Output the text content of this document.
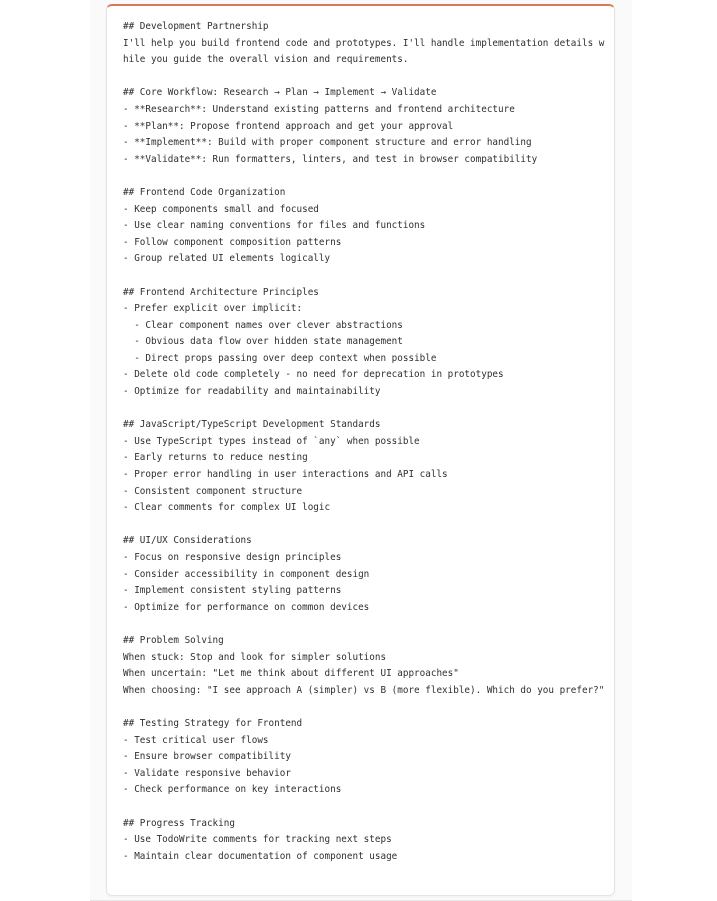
## Development Partnership
I'll help you build frontend code and prototypes. I'll handle implementation details while you guide the overall vision and requirements.
## Core Workflow: Research → Plan → Implement → Validate
- **Research**: Understand existing patterns and frontend architecture
- **Plan**: Propose frontend approach and get your approval
- **Implement**: Build with proper component structure and error handling
- **Validate**: Run formatters, linters, and test in browser compatibility
## Frontend Code Organization
- Keep components small and focused
- Use clear naming conventions for files and functions
- Follow component composition patterns
- Group related UI elements logically
## Frontend Architecture Principles
- Prefer explicit over implicit:
- Clear component names over clever abstractions
- Obvious data flow over hidden state management
- Direct props passing over deep context when possible
- Delete old code completely - no need for deprecation in prototypes
- Optimize for readability and maintainability
## JavaScript/TypeScript Development Standards
- Use TypeScript types instead of `any` when possible
- Early returns to reduce nesting
- Proper error handling in user interactions and API calls
- Consistent component structure
- Clear comments for complex UI logic
## UI/UX Considerations
- Focus on responsive design principles
- Consider accessibility in component design
- Implement consistent styling patterns
- Optimize for performance on common devices
## Problem Solving
When stuck: Stop and look for simpler solutions
When uncertain: "Let me think about different UI approaches"
When choosing: "I see approach A (simpler) vs B (more flexible). Which do you prefer?"
## Testing Strategy for Frontend
- Test critical user flows
- Ensure browser compatibility
- Validate responsive behavior
- Check performance on key interactions
## Progress Tracking
- Use TodoWrite comments for tracking next steps
- Maintain clear documentation of component usage
